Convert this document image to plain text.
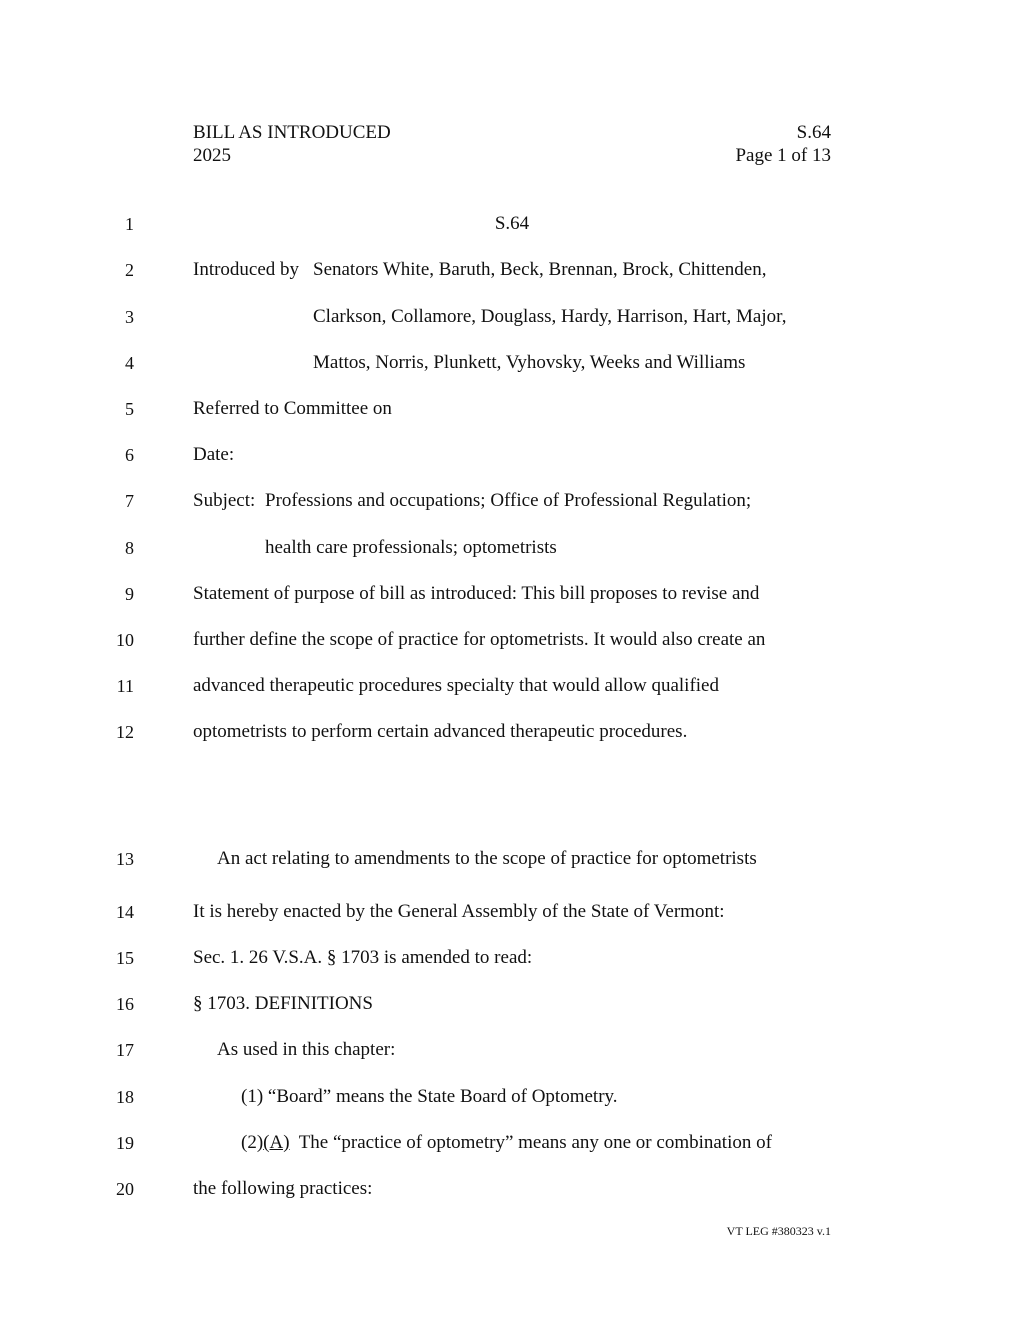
BILL AS INTRODUCED
2025
S.64
Page 1 of 13
1
2
3
4
5
6
7
8
9
10
11
12
13
14
15
16
17
18
19
20
S.64
Introduced by Senators White, Baruth, Beck, Brennan, Brock, Chittenden,
Clarkson, Collamore, Douglass, Hardy, Harrison, Hart, Major,
Mattos, Norris, Plunkett, Vyhovsky, Weeks and Williams
Referred to Committee on
Date:
Subject: Professions and occupations; Office of Professional Regulation;
health care professionals; optometrists
Statement of purpose of bill as introduced: This bill proposes to revise and
further define the scope of practice for optometrists. It would also create an
advanced therapeutic procedures specialty that would allow qualified
optometrists to perform certain advanced therapeutic procedures.
An act relating to amendments to the scope of practice for optometrists
It is hereby enacted by the General Assembly of the State of Vermont:
Sec. 1. 26 V.S.A. § 1703 is amended to read:
§ 1703. DEFINITIONS
As used in this chapter:
(1) “Board” means the State Board of Optometry.
(2)(A)  The “practice of optometry” means any one or combination of
the following practices:
VT LEG #380323 v.1
